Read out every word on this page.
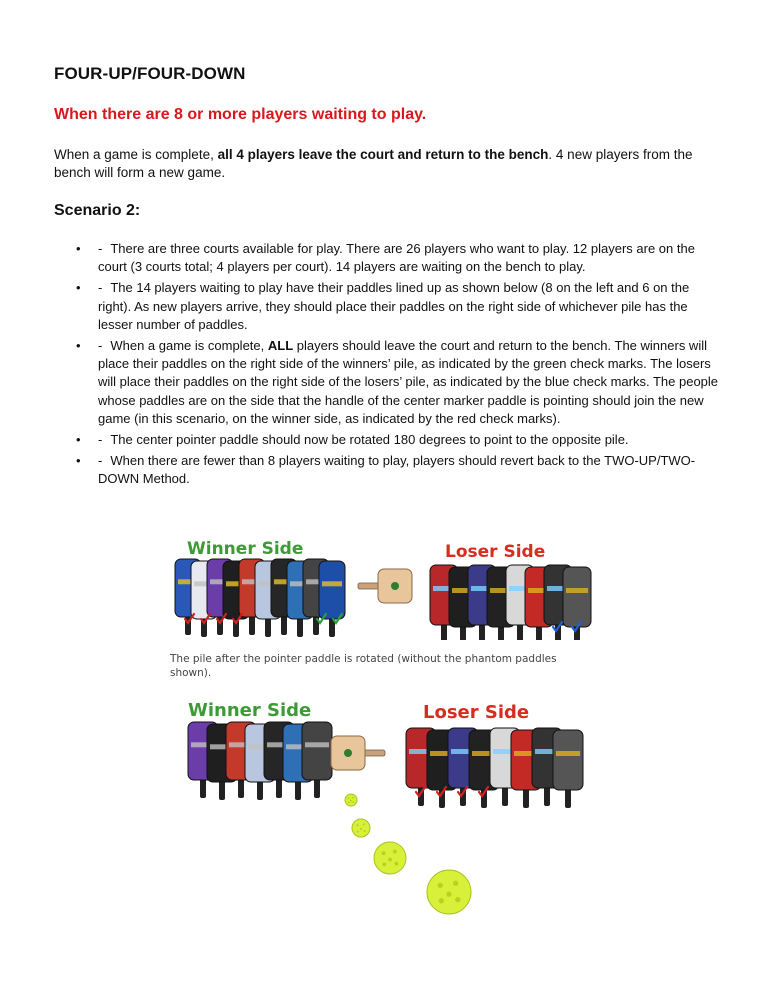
FOUR-UP/FOUR-DOWN
When there are 8 or more players waiting to play.

When a game is complete, all 4 players leave the court and return to the bench. 4 new players from the bench will form a new game.

Scenario 2:
• - There are three courts available for play. There are 26 players who want to play. 12 players are on the court (3 courts total; 4 players per court). 14 players are waiting on the bench to play.
• - The 14 players waiting to play have their paddles lined up as shown below (8 on the left and 6 on the right). As new players arrive, they should place their paddles on the right side of whichever pile has the lesser number of paddles.
• - When a game is complete, ALL players should leave the court and return to the bench. The winners will place their paddles on the right side of the winners’ pile, as indicated by the green check marks. The losers will place their paddles on the right side of the losers’ pile, as indicated by the blue check marks. The people whose paddles are on the side that the handle of the center marker paddle is pointing should join the new game (in this scenario, on the winner side, as indicated by the red check marks).
• - The center pointer paddle should now be rotated 180 degrees to point to the opposite pile.
• - When there are fewer than 8 players waiting to play, players should revert back to the TWO-UP/TWO-DOWN Method.
Winner Side	Loser Side

The pile after the pointer paddle is rotated (without the phantom paddles shown).

Winner Side	Loser Side
